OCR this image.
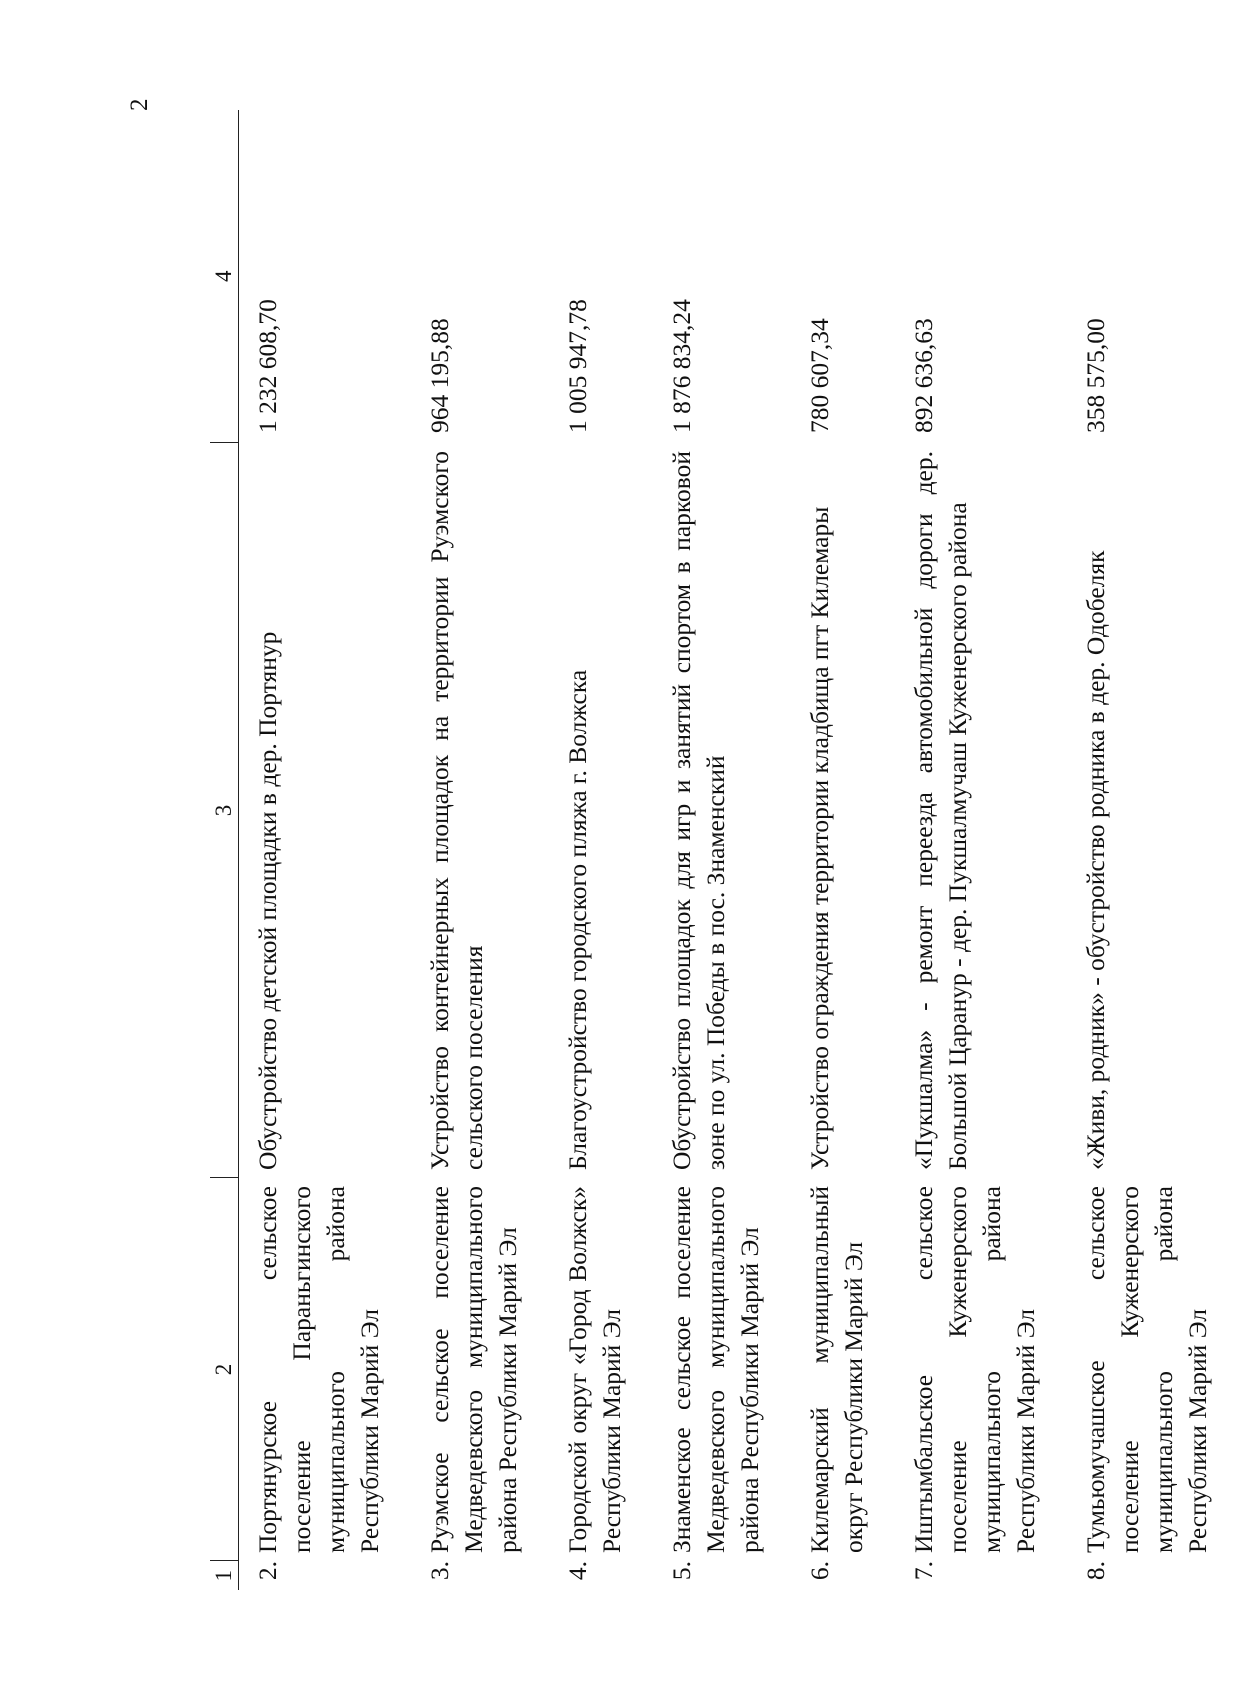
2
1	2	3	4
2.	Портянурское сельское поселение Параньгинского муниципального района Республики Марий Эл	Обустройство детской площадки в дер. Портянур	1 232 608,70
3.	Руэмское сельское поселение Медведевского муниципального района Республики Марий Эл	Устройство контейнерных площадок на территории Руэмского сельского поселения	964 195,88
4.	Городской округ «Город Волжск» Республики Марий Эл	Благоустройство городского пляжа г. Волжска	1 005 947,78
5.	Знаменское сельское поселение Медведевского муниципального района Республики Марий Эл	Обустройство площадок для игр и занятий спортом в парковой зоне по ул. Победы в пос. Знаменский	1 876 834,24
6.	Килемарский муниципальный округ Республики Марий Эл	Устройство ограждения территории кладбища пгт Килемары	780 607,34
7.	Иштымбальское сельское поселение Куженерского муниципального района Республики Марий Эл	«Пукшалма» - ремонт переезда автомобильной дороги дер. Большой Царанур - дер. Пукшалмучаш Куженерского района	892 636,63
8.	Тумьюмучашское сельское поселение Куженерского муниципального района Республики Марий Эл	«Живи, родник» - обустройство родника в дер. Одобеляк	358 575,00
